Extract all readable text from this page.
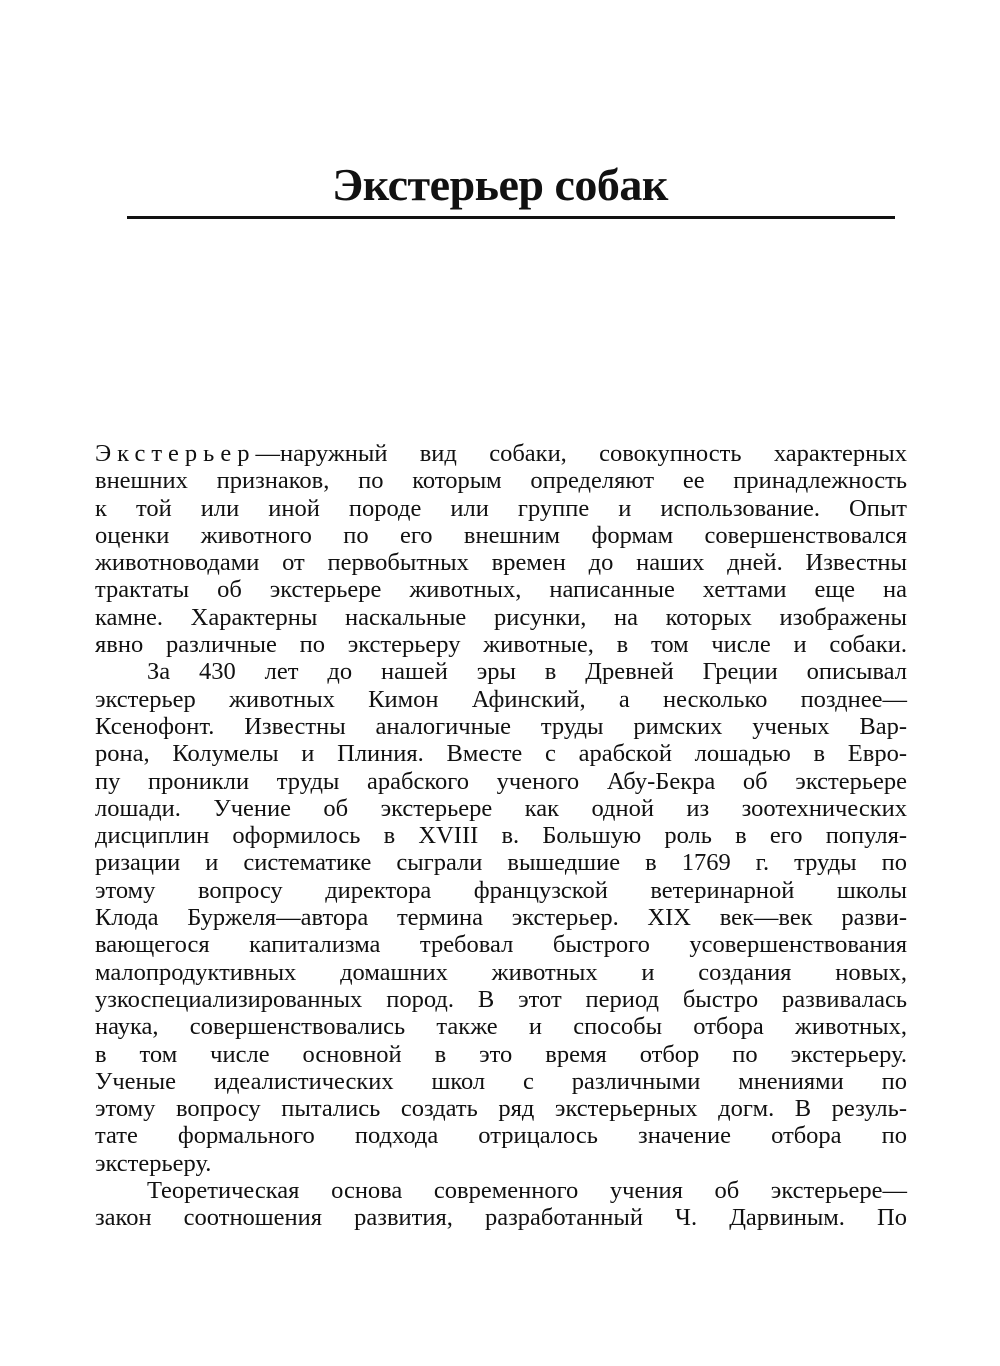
Экстерьер собак
Экстерьер—наружный вид собаки, совокупность характерных
внешних признаков, по которым определяют ее принадлежность
к той или иной породе или группе и использование. Опыт
оценки животного по его внешним формам совершенствовался
животноводами от первобытных времен до наших дней. Известны
трактаты об экстерьере животных, написанные хеттами еще на
камне. Характерны наскальные рисунки, на которых изображены
явно различные по экстерьеру животные, в том числе и собаки.
За 430 лет до нашей эры в Древней Греции описывал
экстерьер животных Кимон Афинский, а несколько позднее—
Ксенофонт. Известны аналогичные труды римских ученых Вар-
рона, Колумелы и Плиния. Вместе с арабской лошадью в Евро-
пу проникли труды арабского ученого Абу-Бекра об экстерьере
лошади. Учение об экстерьере как одной из зоотехнических
дисциплин оформилось в XVIII в. Большую роль в его популя-
ризации и систематике сыграли вышедшие в 1769 г. труды по
этому вопросу директора французской ветеринарной школы
Клода Буржеля—автора термина экстерьер. XIX век—век разви-
вающегося капитализма требовал быстрого усовершенствования
малопродуктивных домашних животных и создания новых,
узкоспециализированных пород. В этот период быстро развивалась
наука, совершенствовались также и способы отбора животных,
в том числе основной в это время отбор по экстерьеру.
Ученые идеалистических школ с различными мнениями по
этому вопросу пытались создать ряд экстерьерных догм. В резуль-
тате формального подхода отрицалось значение отбора по
экстерьеру.
Теоретическая основа современного учения об экстерьере—
закон соотношения развития, разработанный Ч. Дарвиным. По
